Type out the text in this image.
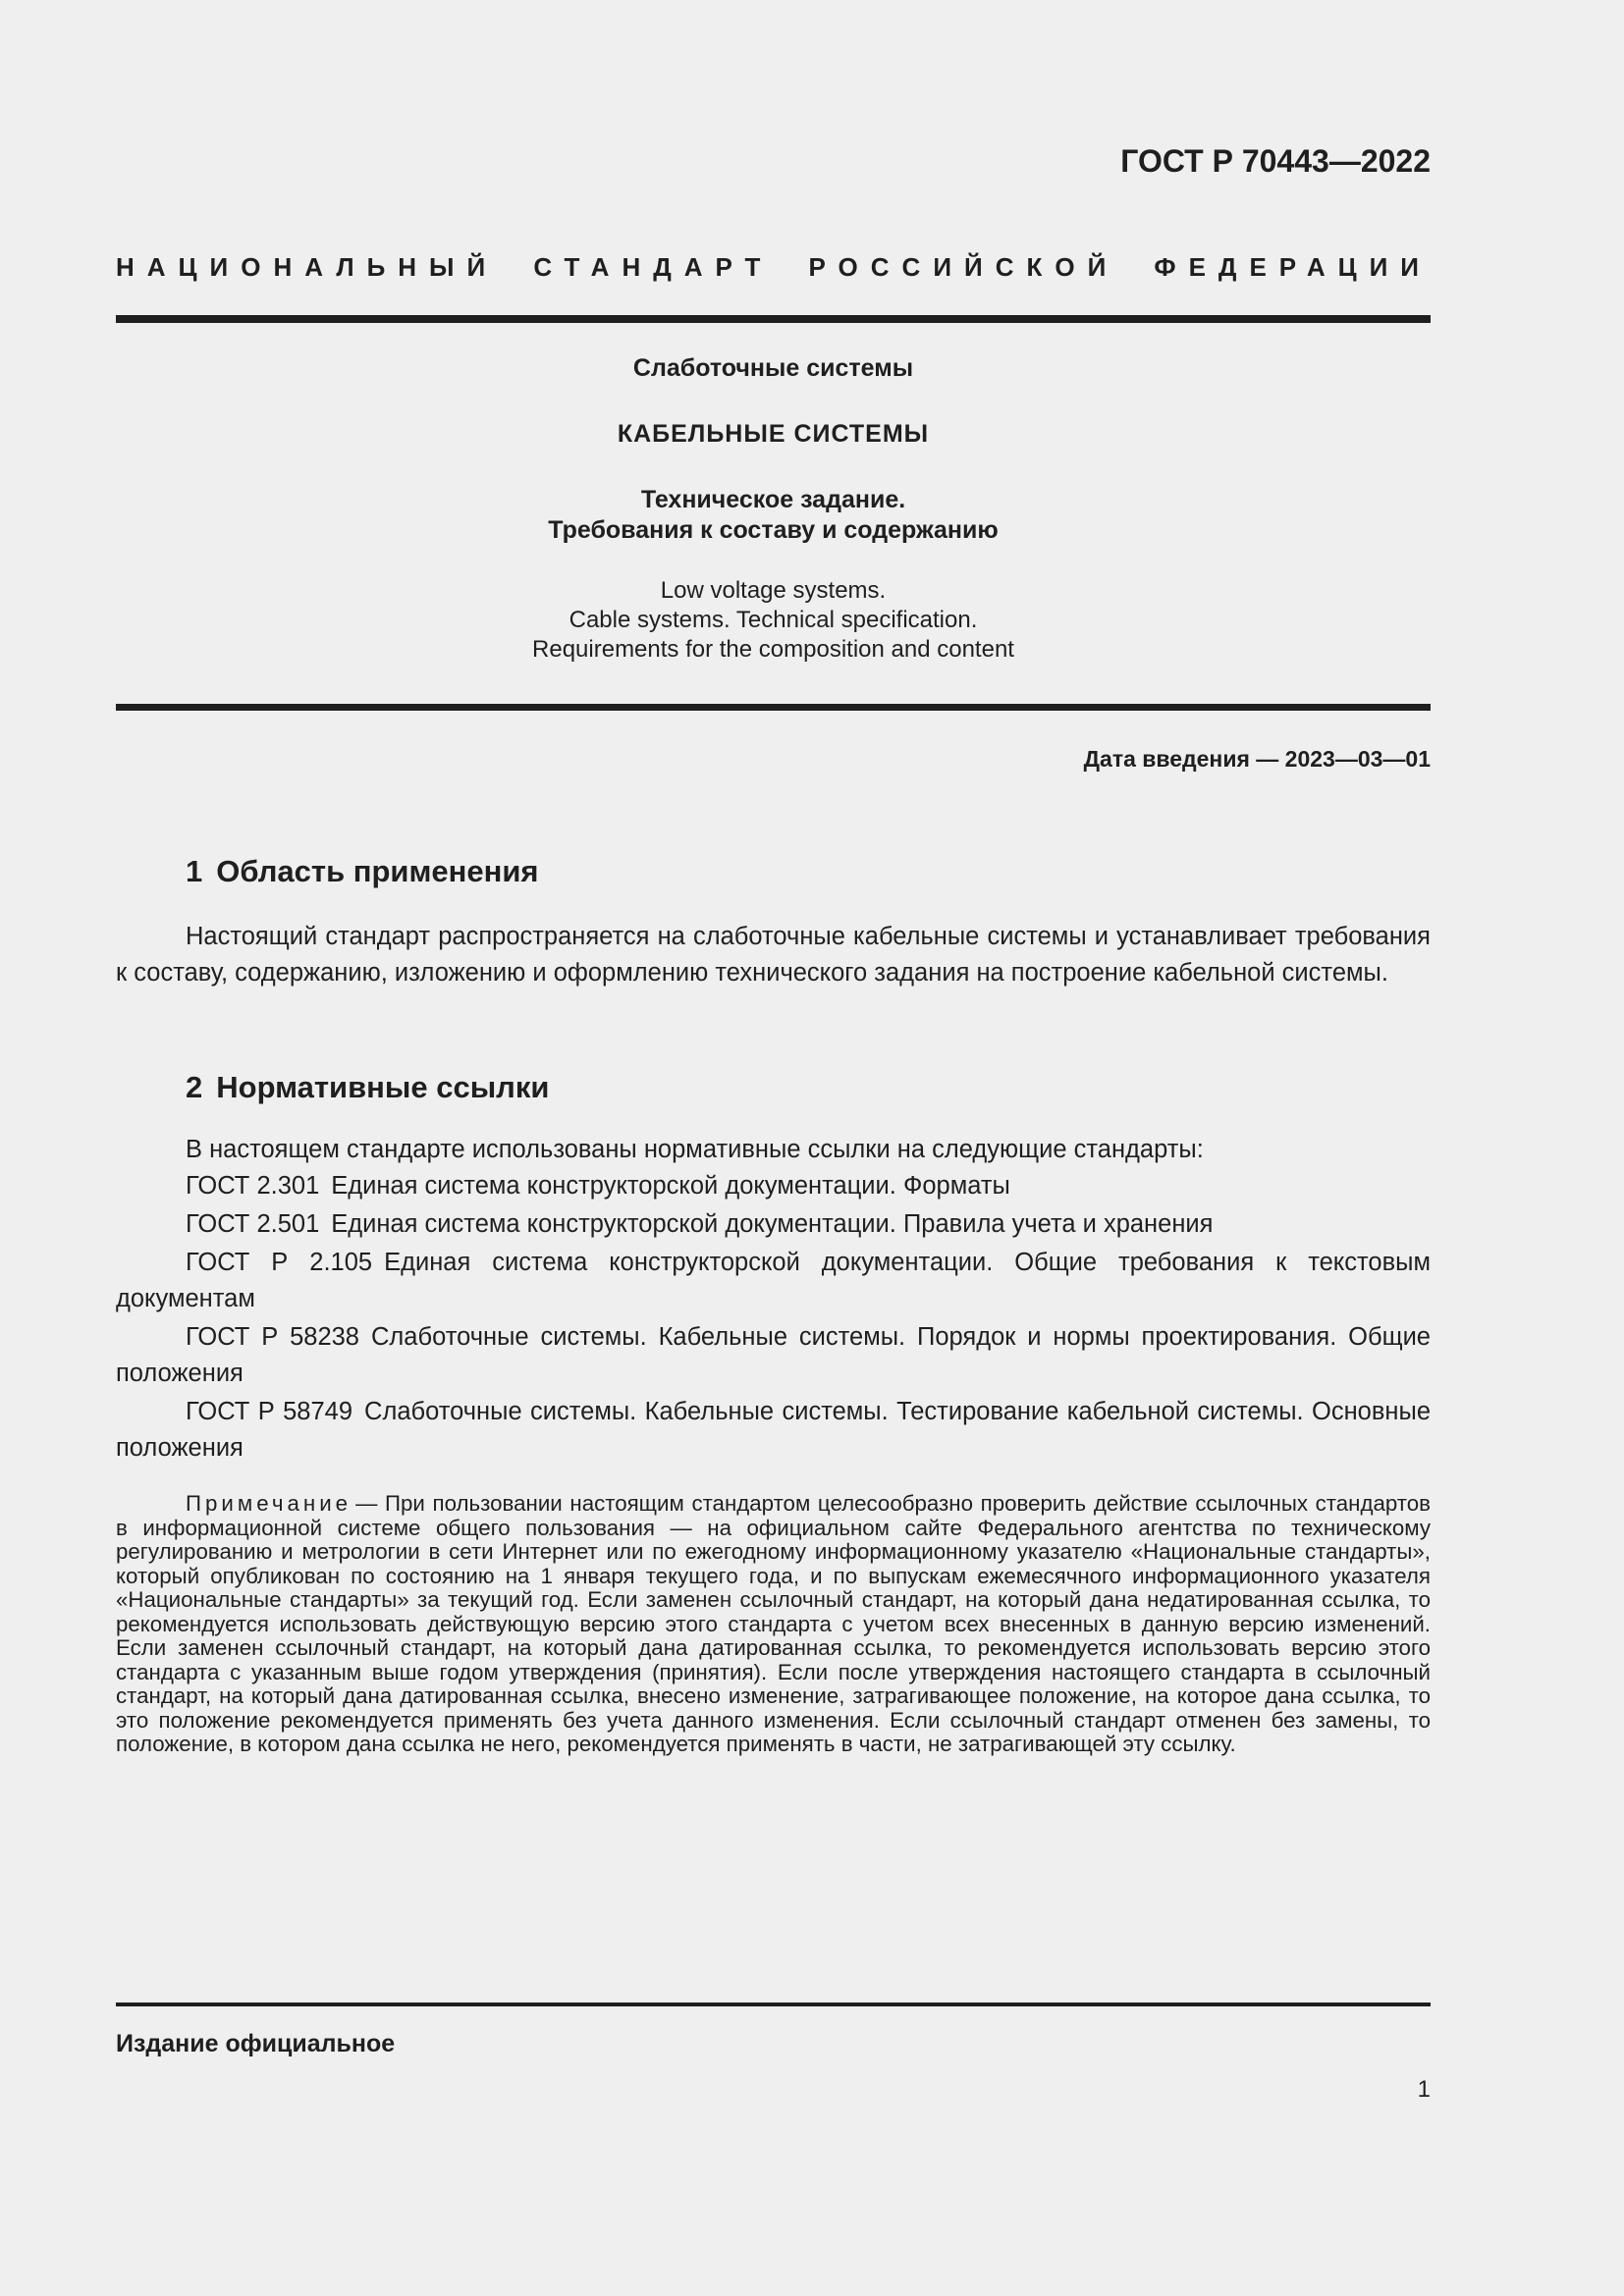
ГОСТ Р 70443—2022
НАЦИОНАЛЬНЫЙ СТАНДАРТ РОССИЙСКОЙ ФЕДЕРАЦИИ
Слаботочные системы
КАБЕЛЬНЫЕ СИСТЕМЫ
Техническое задание.
Требования к составу и содержанию
Low voltage systems.
Cable systems. Technical specification.
Requirements for the composition and content
Дата введения — 2023—03—01
1 Область применения
Настоящий стандарт распространяется на слаботочные кабельные системы и устанавливает требования к составу, содержанию, изложению и оформлению технического задания на построение кабельной системы.
2 Нормативные ссылки
В настоящем стандарте использованы нормативные ссылки на следующие стандарты:
ГОСТ 2.301 Единая система конструкторской документации. Форматы
ГОСТ 2.501 Единая система конструкторской документации. Правила учета и хранения
ГОСТ Р 2.105 Единая система конструкторской документации. Общие требования к текстовым документам
ГОСТ Р 58238 Слаботочные системы. Кабельные системы. Порядок и нормы проектирования. Общие положения
ГОСТ Р 58749 Слаботочные системы. Кабельные системы. Тестирование кабельной системы. Основные положения
Примечание — При пользовании настоящим стандартом целесообразно проверить действие ссылочных стандартов в информационной системе общего пользования — на официальном сайте Федерального агентства по техническому регулированию и метрологии в сети Интернет или по ежегодному информационному указателю «Национальные стандарты», который опубликован по состоянию на 1 января текущего года, и по выпускам ежемесячного информационного указателя «Национальные стандарты» за текущий год. Если заменен ссылочный стандарт, на который дана недатированная ссылка, то рекомендуется использовать действующую версию этого стандарта с учетом всех внесенных в данную версию изменений. Если заменен ссылочный стандарт, на который дана датированная ссылка, то рекомендуется использовать версию этого стандарта с указанным выше годом утверждения (принятия). Если после утверждения настоящего стандарта в ссылочный стандарт, на который дана датированная ссылка, внесено изменение, затрагивающее положение, на которое дана ссылка, то это положение рекомендуется применять без учета данного изменения. Если ссылочный стандарт отменен без замены, то положение, в котором дана ссылка не него, рекомендуется применять в части, не затрагивающей эту ссылку.
Издание официальное
1
